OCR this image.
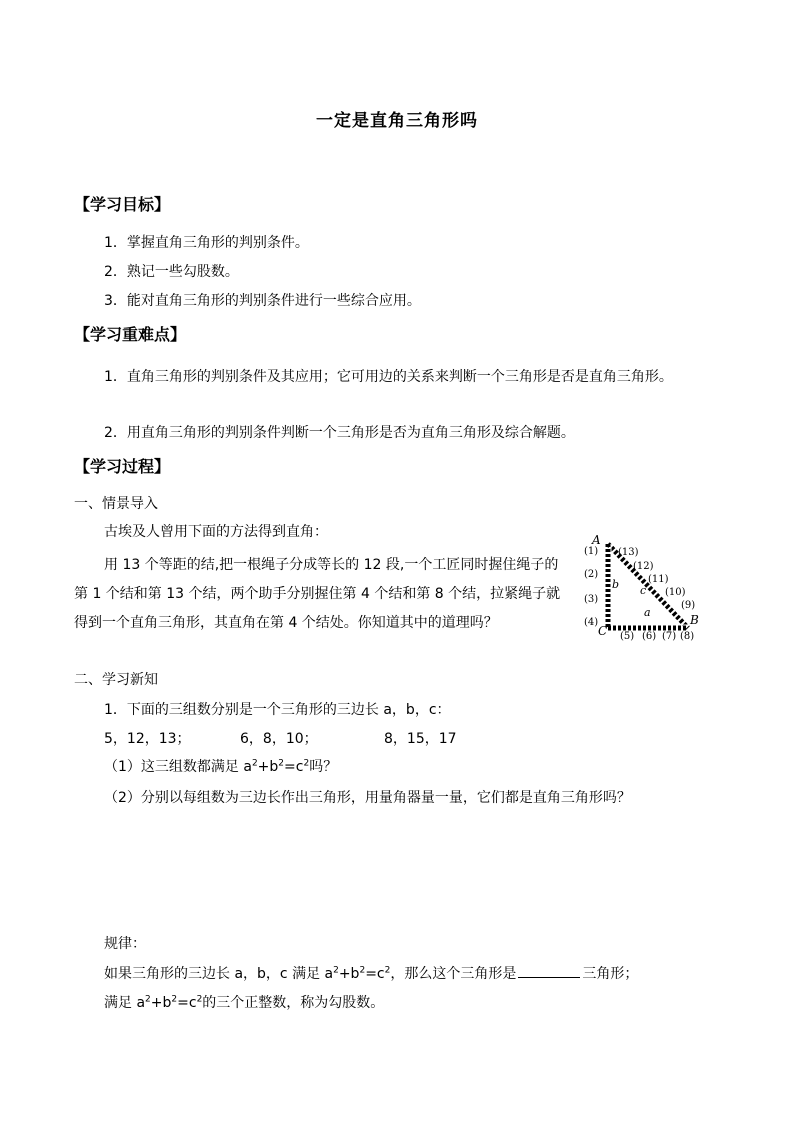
一定是直角三角形吗
【学习目标】
1．掌握直角三角形的判别条件。
2．熟记一些勾股数。
3．能对直角三角形的判别条件进行一些综合应用。
【学习重难点】
1．直角三角形的判别条件及其应用；它可用边的关系来判断一个三角形是否是直角三角形。
2．用直角三角形的判别条件判断一个三角形是否为直角三角形及综合解题。
【学习过程】
一、情景导入
古埃及人曾用下面的方法得到直角：
用 13 个等距的结,把一根绳子分成等长的 12 段,一个工匠同时握住绳子的第 1 个结和第 13 个结，两个助手分别握住第 4 个结和第 8 个结，拉紧绳子就得到一个直角三角形，其直角在第 4 个结处。你知道其中的道理吗？
A
B
C
a
b c
(1)
(2)
(3)
(4)
(5) (6) (7) (8)
(9)
(10)
(11)
(12)
(13)
二、学习新知
1．下面的三组数分别是一个三角形的三边长 a，b，c：
5，12，13；	6，8，10；	8，15，17
（1）这三组数都满足 $a^2+b^2=c^2$吗？
（2）分别以每组数为三边长作出三角形，用量角器量一量，它们都是直角三角形吗？
规律：
如果三角形的三边长 a，b，c 满足 $a^2+b^2=c^2$，那么这个三角形是	三角形；
满足 $a^2+b^2=c^2$的三个正整数，称为勾股数。
